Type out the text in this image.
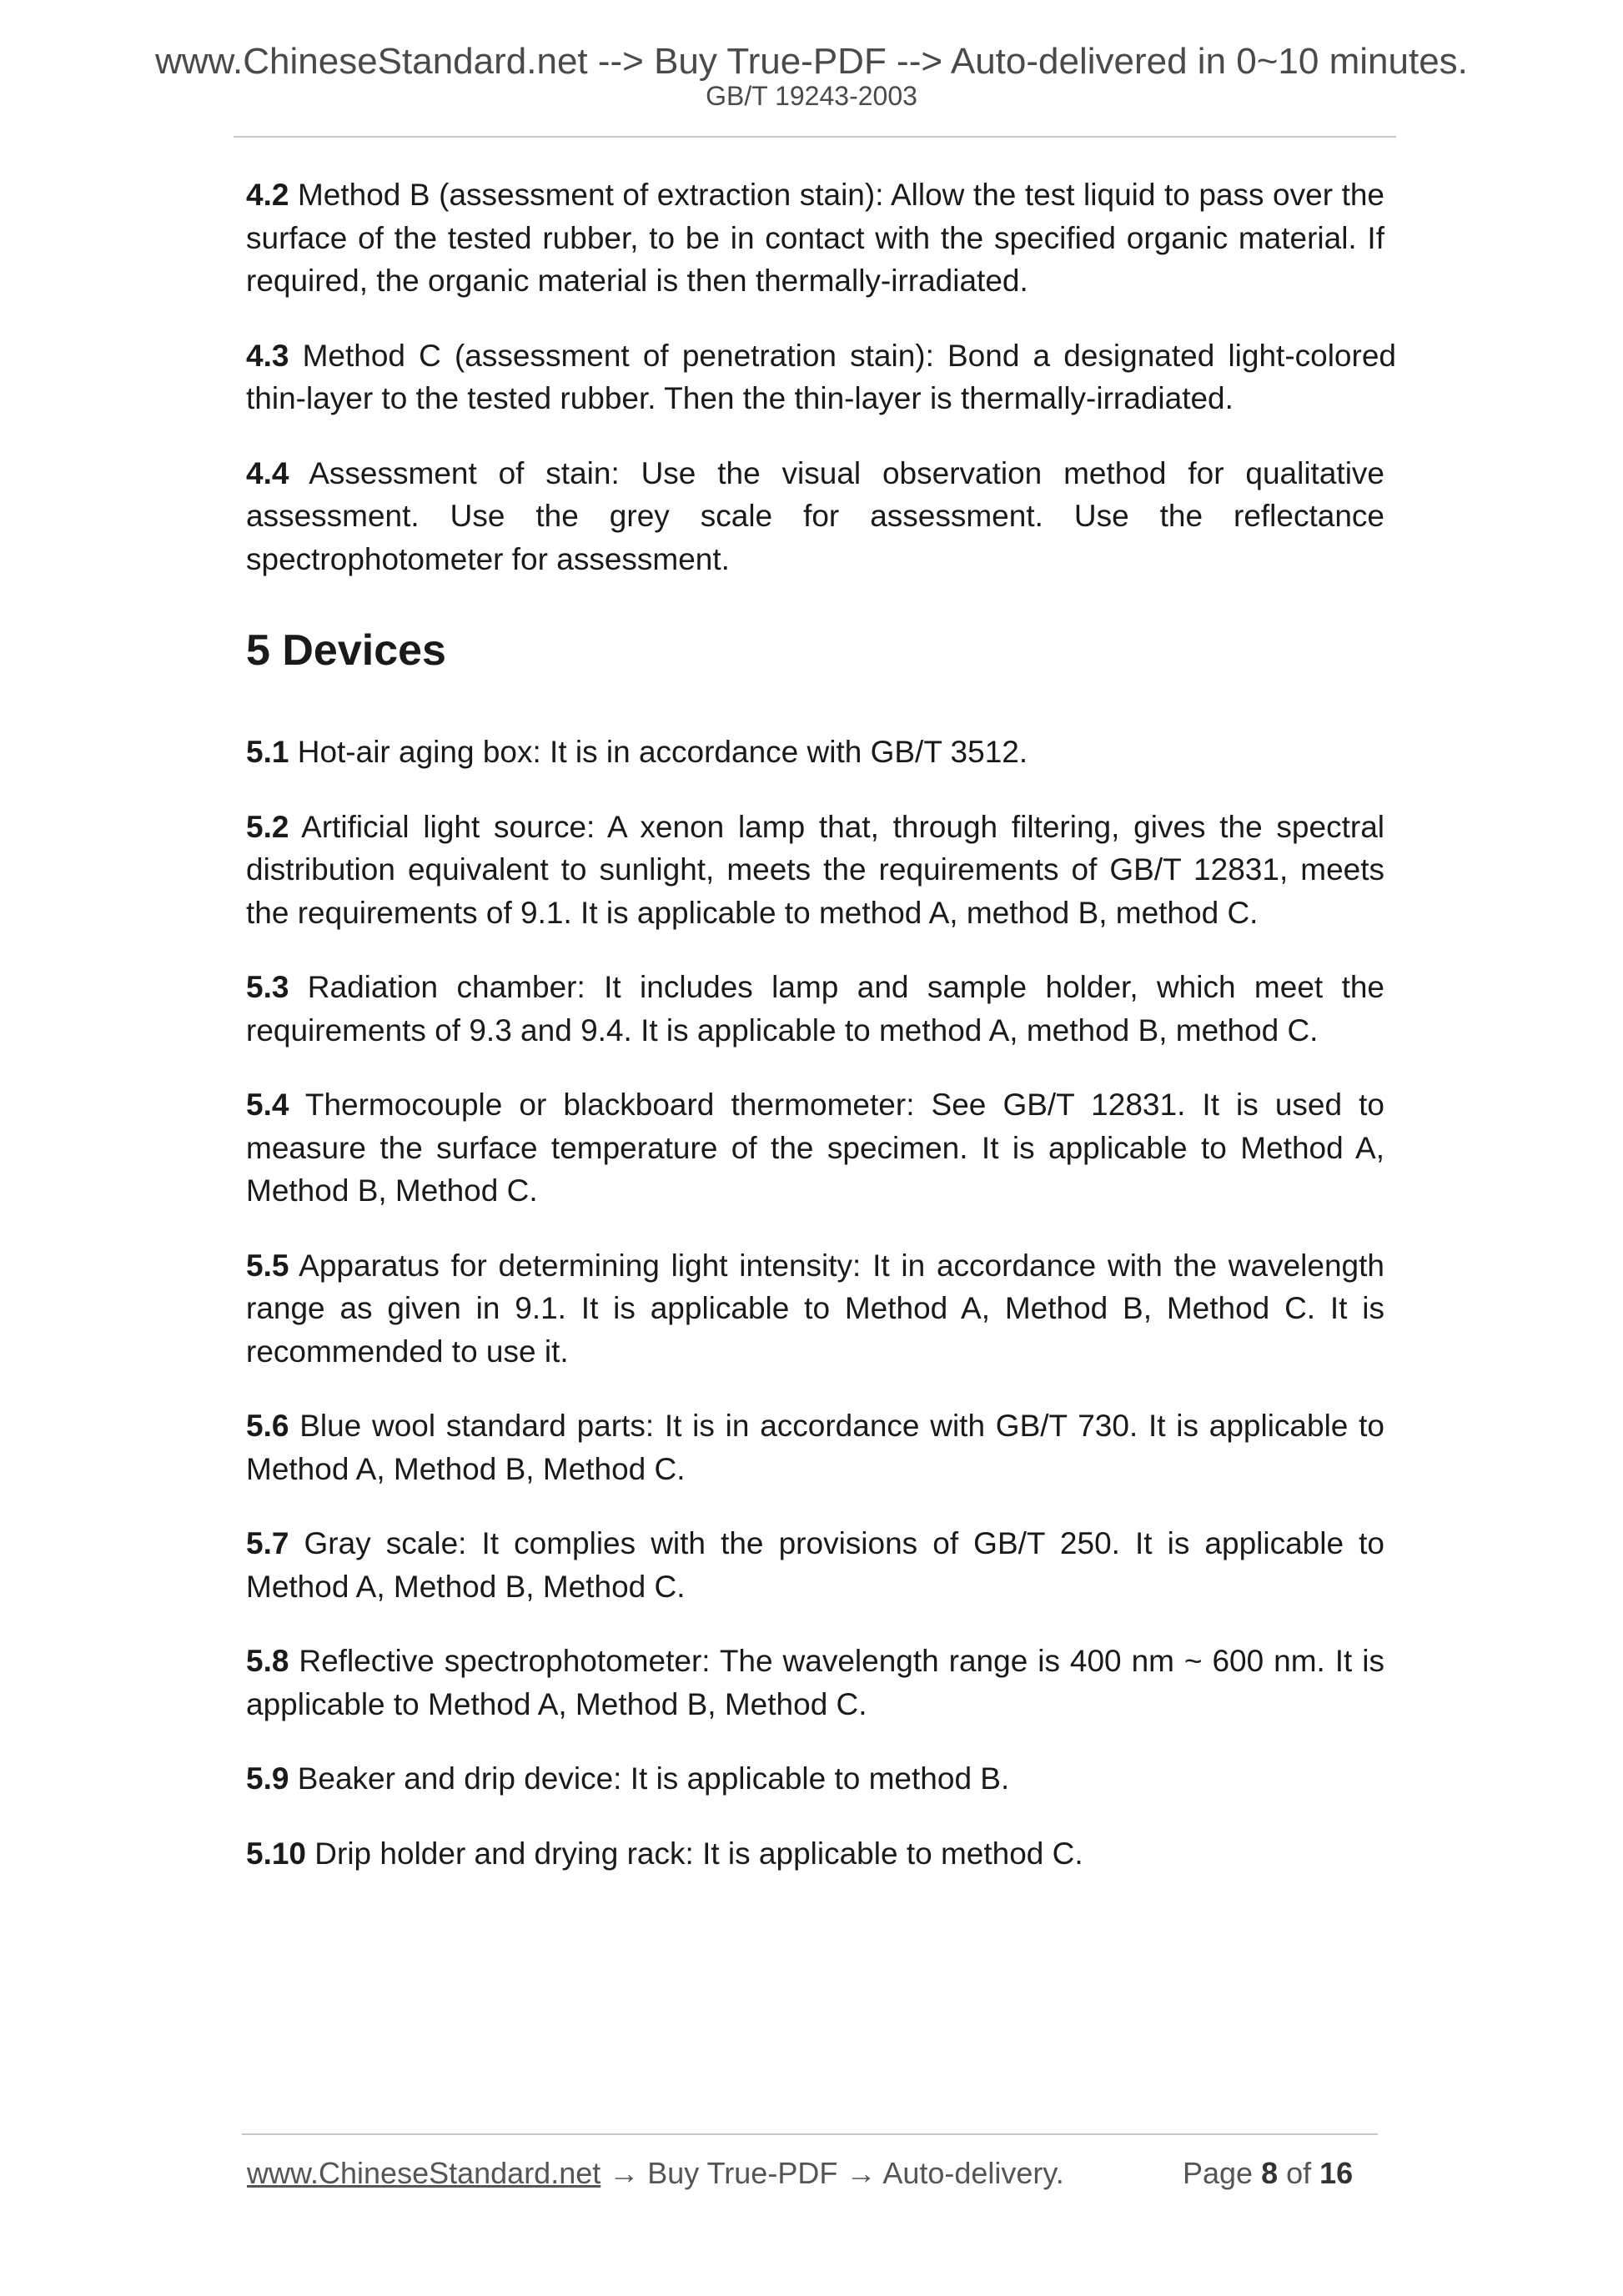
www.ChineseStandard.net --> Buy True-PDF --> Auto-delivered in 0~10 minutes.
GB/T 19243-2003

4.2 Method B (assessment of extraction stain): Allow the test liquid to pass over the surface of the tested rubber, to be in contact with the specified organic material. If required, the organic material is then thermally-irradiated.

4.3 Method C (assessment of penetration stain): Bond a designated light-colored thin-layer to the tested rubber. Then the thin-layer is thermally-irradiated.

4.4 Assessment of stain: Use the visual observation method for qualitative assessment. Use the grey scale for assessment. Use the reflectance spectrophotometer for assessment.

5 Devices

5.1 Hot-air aging box: It is in accordance with GB/T 3512.

5.2 Artificial light source: A xenon lamp that, through filtering, gives the spectral distribution equivalent to sunlight, meets the requirements of GB/T 12831, meets the requirements of 9.1. It is applicable to method A, method B, method C.

5.3 Radiation chamber: It includes lamp and sample holder, which meet the requirements of 9.3 and 9.4. It is applicable to method A, method B, method C.

5.4 Thermocouple or blackboard thermometer: See GB/T 12831. It is used to measure the surface temperature of the specimen. It is applicable to Method A, Method B, Method C.

5.5 Apparatus for determining light intensity: It in accordance with the wavelength range as given in 9.1. It is applicable to Method A, Method B, Method C. It is recommended to use it.

5.6 Blue wool standard parts: It is in accordance with GB/T 730. It is applicable to Method A, Method B, Method C.

5.7 Gray scale: It complies with the provisions of GB/T 250. It is applicable to Method A, Method B, Method C.

5.8 Reflective spectrophotometer: The wavelength range is 400 nm ~ 600 nm. It is applicable to Method A, Method B, Method C.

5.9 Beaker and drip device: It is applicable to method B.

5.10 Drip holder and drying rack: It is applicable to method C.

www.ChineseStandard.net → Buy True-PDF → Auto-delivery.	Page 8 of 16
